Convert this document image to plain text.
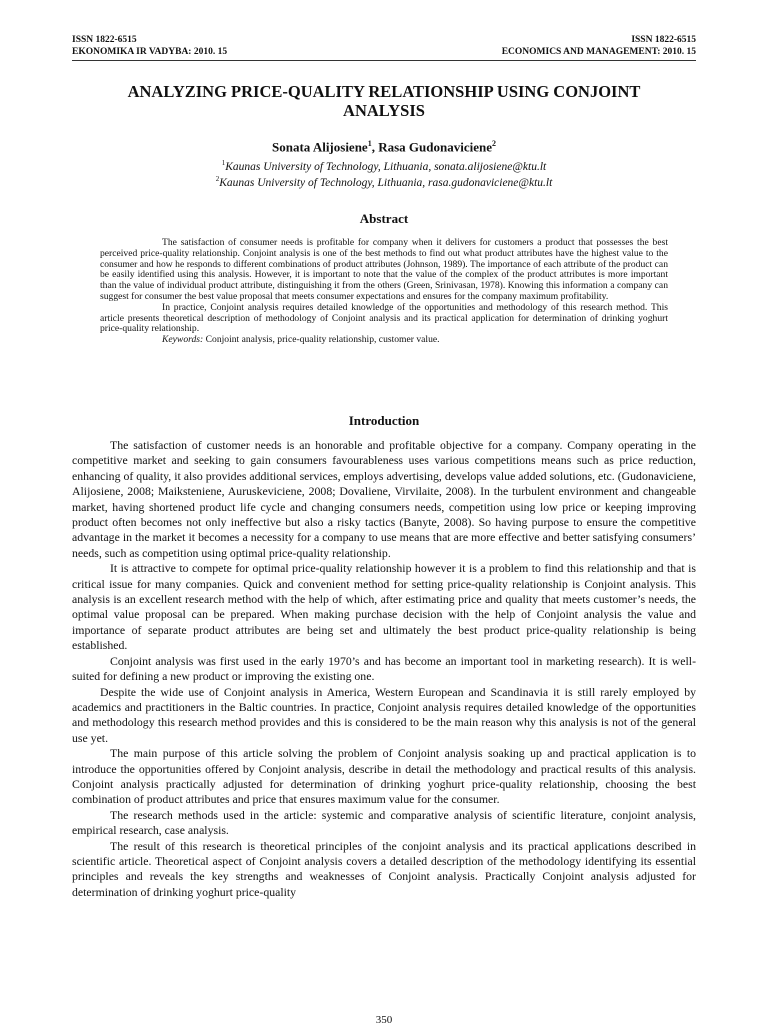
ISSN 1822-6515
EKONOMIKA IR VADYBA: 2010. 15
ISSN 1822-6515
ECONOMICS AND MANAGEMENT: 2010. 15
ANALYZING PRICE-QUALITY RELATIONSHIP USING CONJOINT
ANALYSIS
Sonata Alijosiene$^1$, Rasa Gudonaviciene$^2$
$^1$Kaunas University of Technology, Lithuania, sonata.alijosiene@ktu.lt
$^2$Kaunas University of Technology, Lithuania, rasa.gudonaviciene@ktu.lt
Abstract

The satisfaction of consumer needs is profitable for company when it delivers for customers a product that possesses the best perceived price-quality relationship. Conjoint analysis is one of the best methods to find out what product attributes have the highest value to the consumer and how he responds to different combinations of product attributes (Johnson, 1989). The importance of each attribute of the product can be easily identified using this analysis. However, it is important to note that the value of the complex of the product attributes is more important than the value of individual product attribute, distinguishing it from the others (Green, Srinivasan, 1978). Knowing this information a company can suggest for consumer the best value proposal that meets consumer expectations and ensures for the company maximum profitability.

In practice, Conjoint analysis requires detailed knowledge of the opportunities and methodology of this research method. This article presents theoretical description of methodology of Conjoint analysis and its practical application for determination of drinking yoghurt price-quality relationship.

Keywords: Conjoint analysis, price-quality relationship, customer value.

Introduction

The satisfaction of customer needs is an honorable and profitable objective for a company. Company operating in the competitive market and seeking to gain consumers favourableness uses various competitions means such as price reduction, enhancing of quality, it also provides additional services, employs advertising, develops value added solutions, etc. (Gudonaviciene, Alijosiene, 2008; Maiksteniene, Auruskeviciene, 2008; Dovaliene, Virvilaite, 2008). In the turbulent environment and changeable market, having shortened product life cycle and changing consumers needs, competition using low price or keeping improving product often becomes not only ineffective but also a risky tactics (Banyte, 2008). So having purpose to ensure the competitive advantage in the market it becomes a necessity for a company to use means that are more effective and better satisfying consumers’ needs, such as competition using optimal price-quality relationship.

It is attractive to compete for optimal price-quality relationship however it is a problem to find this relationship and that is critical issue for many companies. Quick and convenient method for setting price-quality relationship is Conjoint analysis. This analysis is an excellent research method with the help of which, after estimating price and quality that meets customer’s needs, the optimal value proposal can be prepared. When making purchase decision with the help of Conjoint analysis the value and importance of separate product attributes are being set and ultimately the best product price-quality relationship is being established.

Conjoint analysis was first used in the early 1970’s and has become an important tool in marketing research). It is well-suited for defining a new product or improving the existing one.

Despite the wide use of Conjoint analysis in America, Western European and Scandinavia it is still rarely employed by academics and practitioners in the Baltic countries. In practice, Conjoint analysis requires detailed knowledge of the opportunities and methodology this research method provides and this is considered to be the main reason why this analysis is not of the general use yet.

The main purpose of this article solving the problem of Conjoint analysis soaking up and practical application is to introduce the opportunities offered by Conjoint analysis, describe in detail the methodology and practical results of this analysis. Conjoint analysis practically adjusted for determination of drinking yoghurt price-quality relationship, choosing the best combination of product attributes and price that ensures maximum value for the consumer.

The research methods used in the article: systemic and comparative analysis of scientific literature, conjoint analysis, empirical research, case analysis.

The result of this research is theoretical principles of the conjoint analysis and its practical applications described in scientific article. Theoretical aspect of Conjoint analysis covers a detailed description of the methodology identifying its essential principles and reveals the key strengths and weaknesses of Conjoint analysis. Practically Conjoint analysis adjusted for determination of drinking yoghurt price-quality

350
